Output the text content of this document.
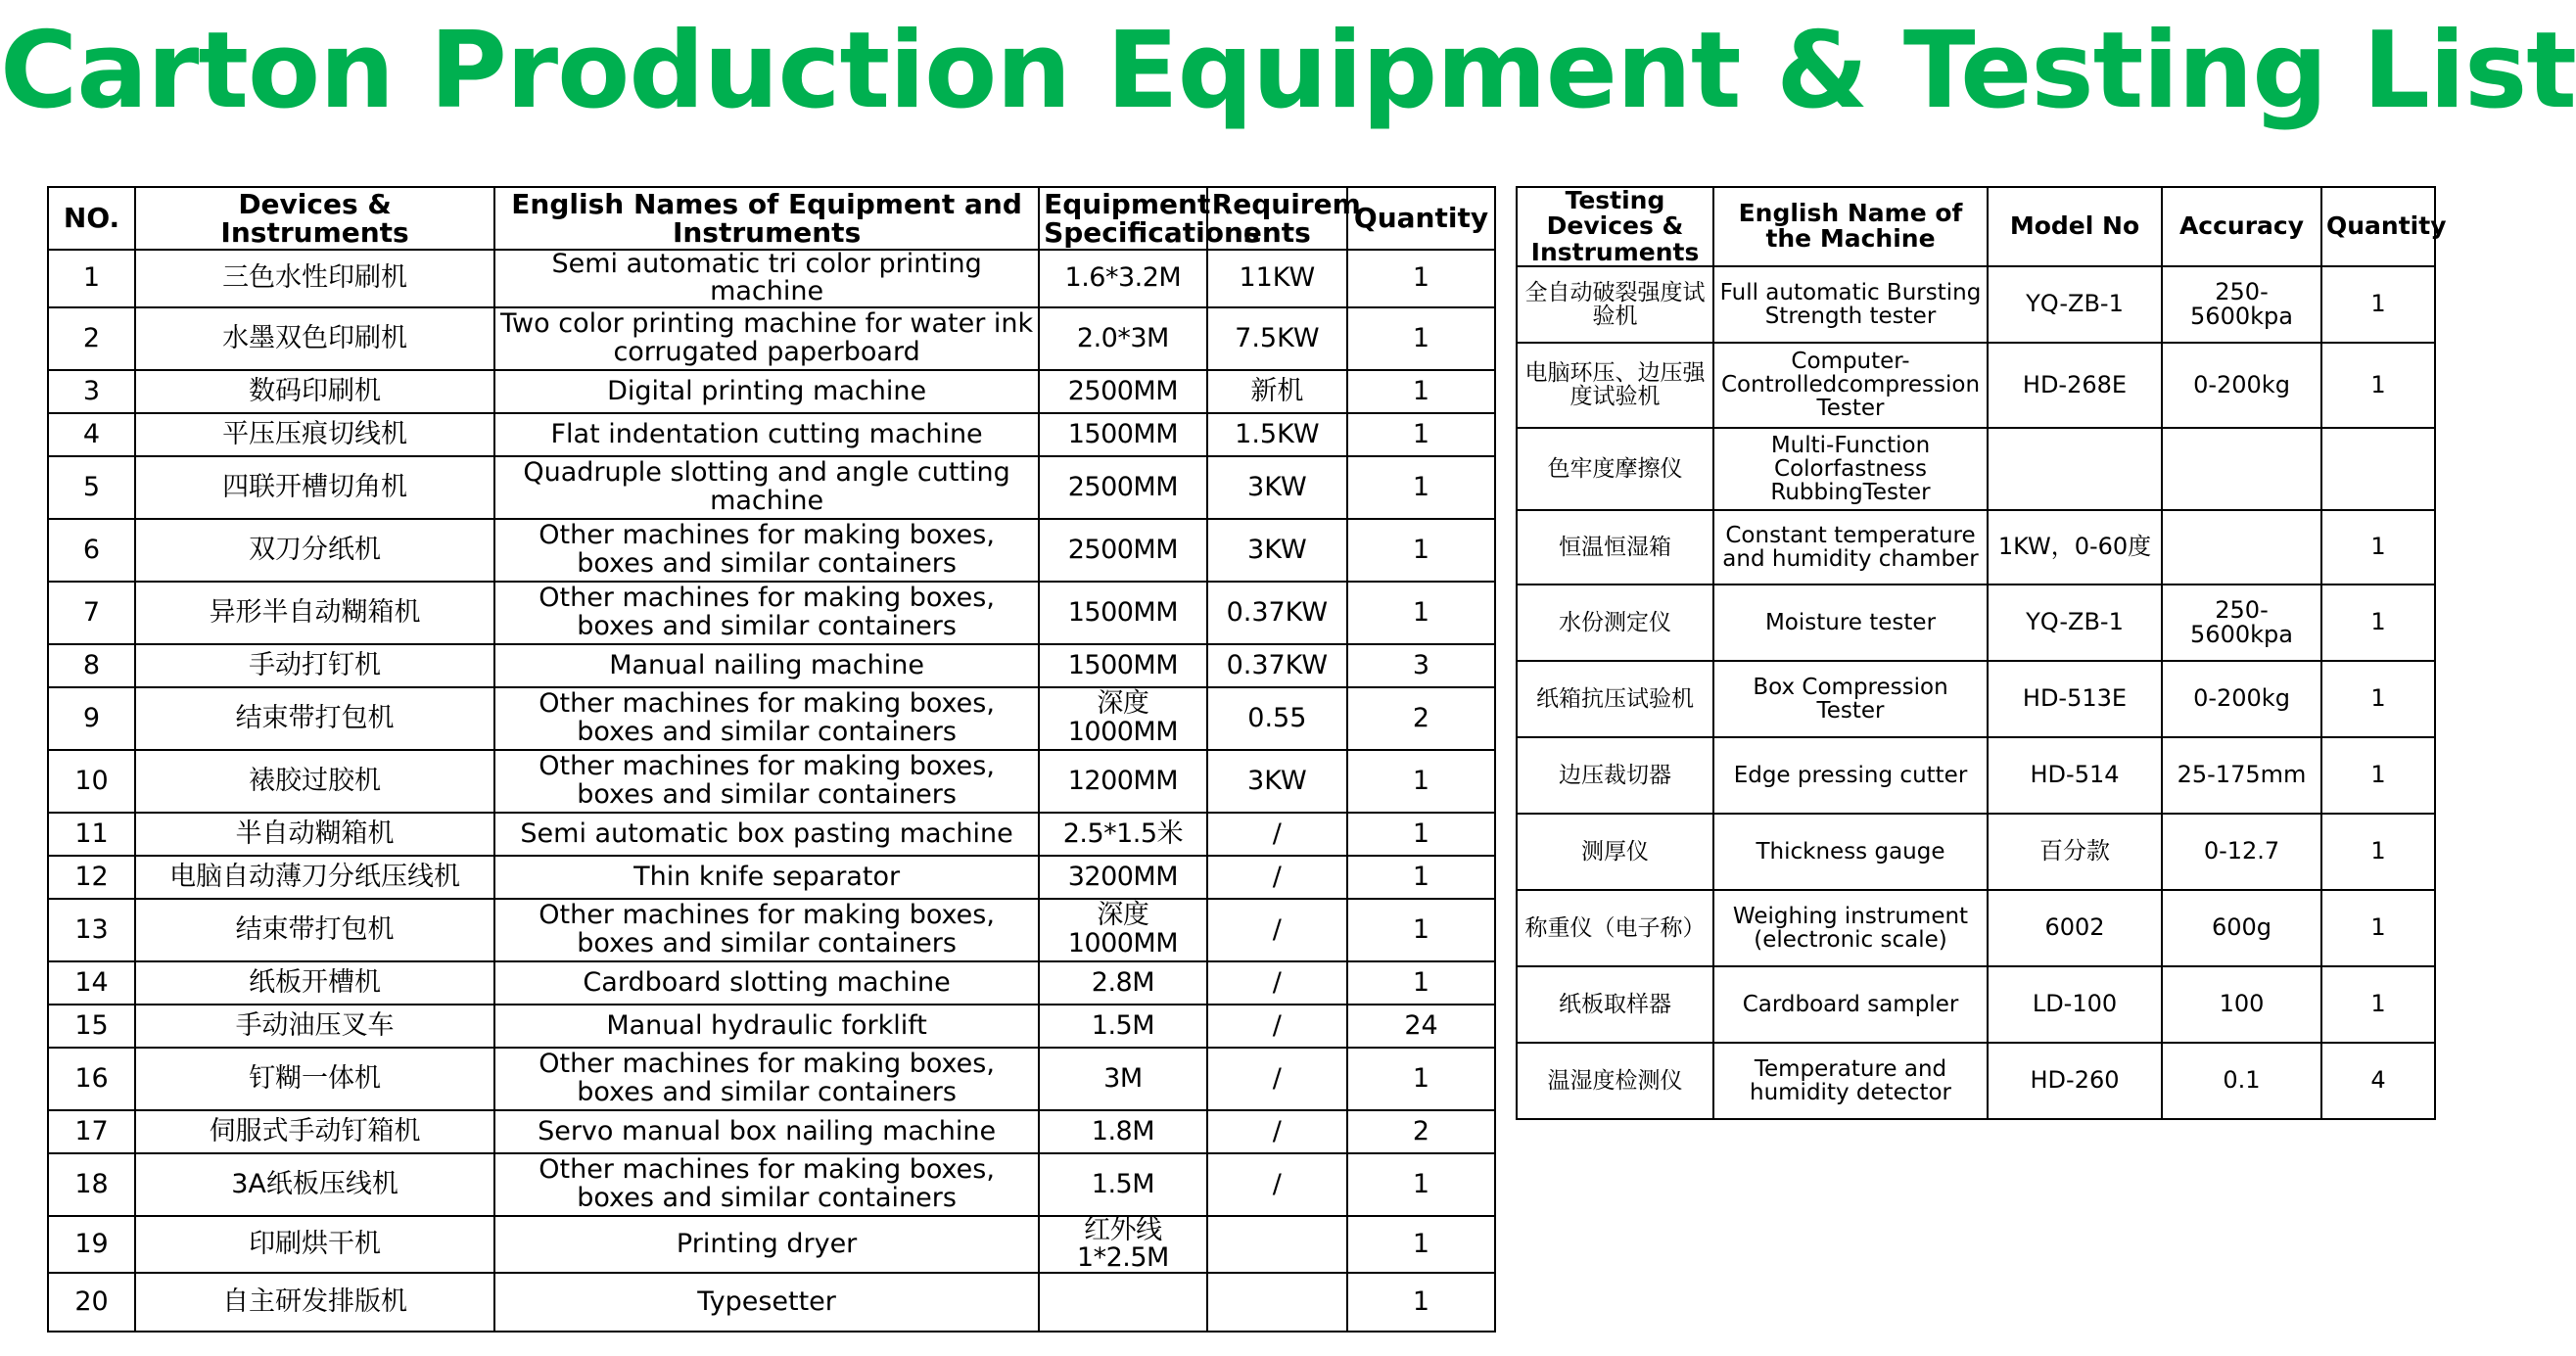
Carton Production Equipment & Testing List
NO.	Devices & Instruments	English Names of Equipment and Instruments	Equipment Specifications	Requirem ents	Quantity
1	三色水性印刷机	Semi automatic tri color printing machine	1.6*3.2M	11KW	1
2	水墨双色印刷机	Two color printing machine for water ink corrugated paperboard	2.0*3M	7.5KW	1
3	数码印刷机	Digital printing machine	2500MM	新机	1
4	平压压痕切线机	Flat indentation cutting machine	1500MM	1.5KW	1
5	四联开槽切角机	Quadruple slotting and angle cutting machine	2500MM	3KW	1
6	双刀分纸机	Other machines for making boxes, boxes and similar containers	2500MM	3KW	1
7	异形半自动糊箱机	Other machines for making boxes, boxes and similar containers	1500MM	0.37KW	1
8	手动打钉机	Manual nailing machine	1500MM	0.37KW	3
9	结束带打包机	Other machines for making boxes, boxes and similar containers	深度1000MM	0.55	2
10	裱胶过胶机	Other machines for making boxes, boxes and similar containers	1200MM	3KW	1
11	半自动糊箱机	Semi automatic box pasting machine	2.5*1.5米	/	1
12	电脑自动薄刀分纸压线机	Thin knife separator	3200MM	/	1
13	结束带打包机	Other machines for making boxes, boxes and similar containers	深度1000MM	/	1
14	纸板开槽机	Cardboard slotting machine	2.8M	/	1
15	手动油压叉车	Manual hydraulic forklift	1.5M	/	24
16	钉糊一体机	Other machines for making boxes, boxes and similar containers	3M	/	1
17	伺服式手动钉箱机	Servo manual box nailing machine	1.8M	/	2
18	3A纸板压线机	Other machines for making boxes, boxes and similar containers	1.5M	/	1
19	印刷烘干机	Printing dryer	红外线1*2.5M		1
20	自主研发排版机	Typesetter			1
Testing Devices & Instruments	English Name of the Machine	Model No	Accuracy	Quantity
全自动破裂强度试验机	Full automatic Bursting Strength tester	YQ-ZB-1	250-5600kpa	1
电脑环压、边压强度试验机	Computer-Controlledcompression Tester	HD-268E	0-200kg	1
色牢度摩擦仪	Multi-Function Colorfastness RubbingTester			
恒温恒湿箱	Constant temperature and humidity chamber	1KW，0-60度		1
水份测定仪	Moisture tester	YQ-ZB-1	250-5600kpa	1
纸箱抗压试验机	Box Compression Tester	HD-513E	0-200kg	1
边压裁切器	Edge pressing cutter	HD-514	25-175mm	1
测厚仪	Thickness gauge	百分款	0-12.7	1
称重仪（电子称）	Weighing instrument (electronic scale)	6002	600g	1
纸板取样器	Cardboard sampler	LD-100	100	1
温湿度检测仪	Temperature and humidity detector	HD-260	0.1	4
